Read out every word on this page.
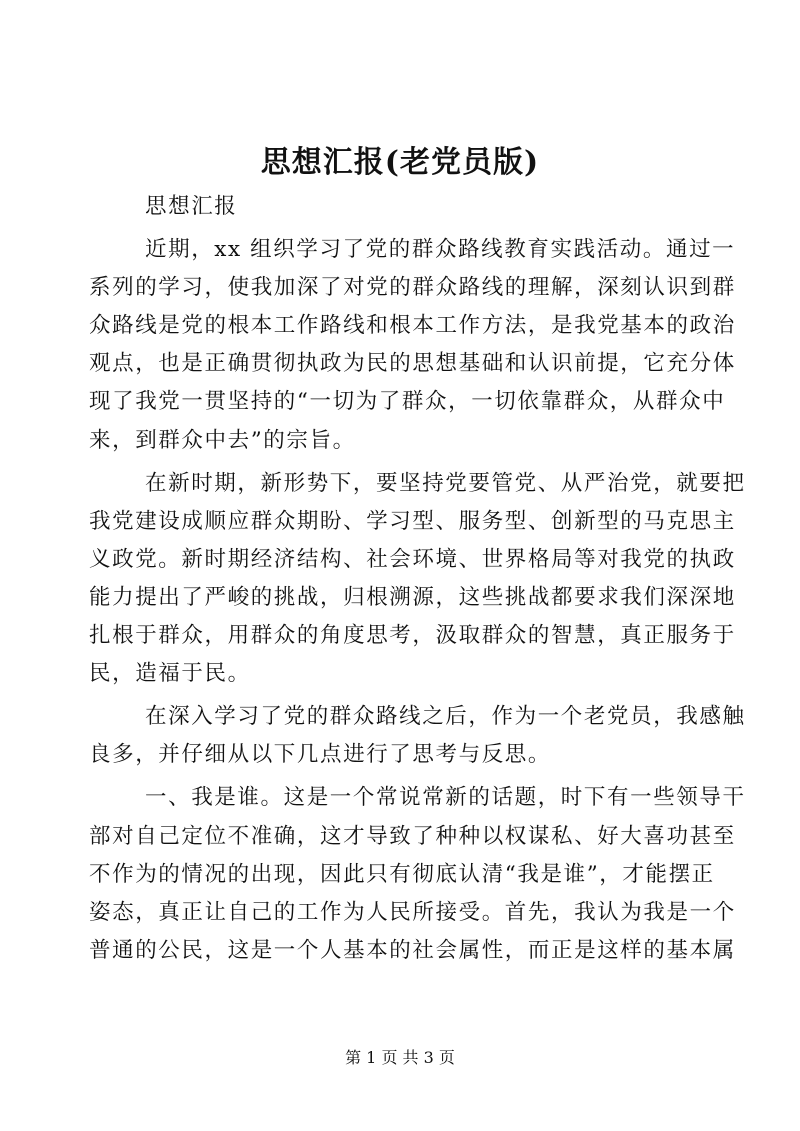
思想汇报(老党员版)
思想汇报
近期，xx 组织学习了党的群众路线教育实践活动。通过一
系列的学习，使我加深了对党的群众路线的理解，深刻认识到群
众路线是党的根本工作路线和根本工作方法，是我党基本的政治
观点，也是正确贯彻执政为民的思想基础和认识前提，它充分体
现了我党一贯坚持的“一切为了群众，一切依靠群众，从群众中
来，到群众中去”的宗旨。
在新时期，新形势下，要坚持党要管党、从严治党，就要把
我党建设成顺应群众期盼、学习型、服务型、创新型的马克思主
义政党。新时期经济结构、社会环境、世界格局等对我党的执政
能力提出了严峻的挑战，归根溯源，这些挑战都要求我们深深地
扎根于群众，用群众的角度思考，汲取群众的智慧，真正服务于
民，造福于民。
在深入学习了党的群众路线之后，作为一个老党员，我感触
良多，并仔细从以下几点进行了思考与反思。
一、我是谁。这是一个常说常新的话题，时下有一些领导干
部对自己定位不准确，这才导致了种种以权谋私、好大喜功甚至
不作为的情况的出现，因此只有彻底认清“我是谁”，才能摆正
姿态，真正让自己的工作为人民所接受。首先，我认为我是一个
普通的公民，这是一个人基本的社会属性，而正是这样的基本属
第 1 页 共 3 页
